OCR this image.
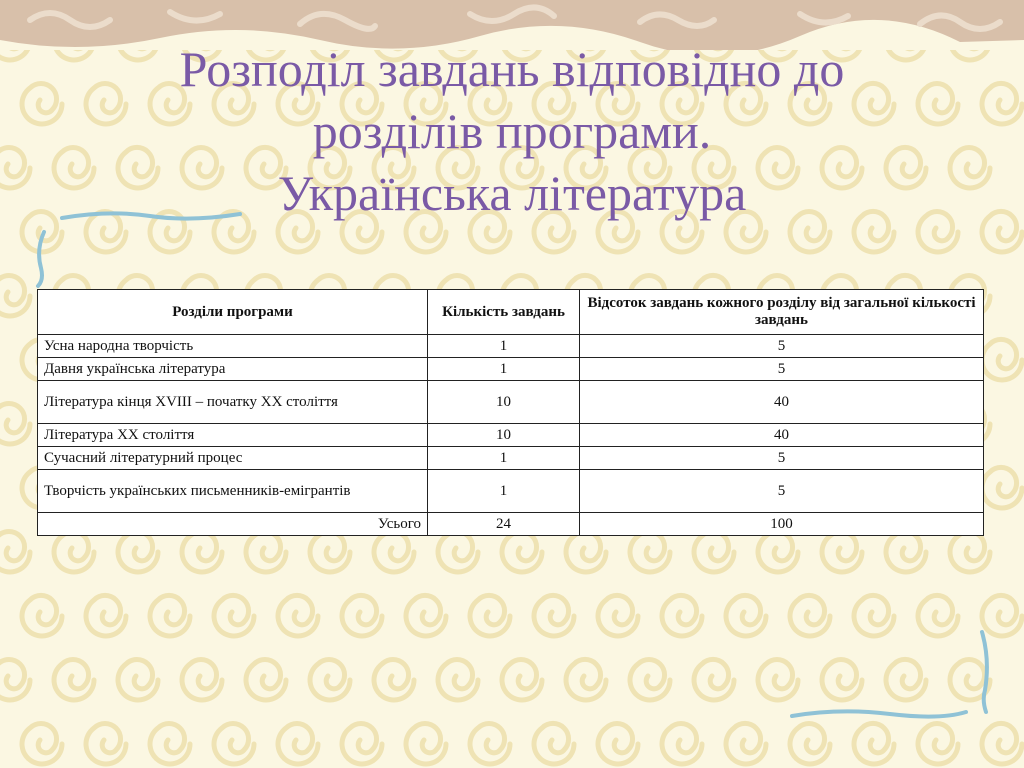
Розподіл завдань відповідно до
розділів програми.
Українська література
Розділи програми	Кількість завдань	Відсоток завдань кожного розділу від загальної кількості завдань
Усна народна творчість	1	5
Давня українська література	1	5
Література кінця XVIII – початку XX століття	10	40
Література XX століття	10	40
Сучасний літературний процес	1	5
Творчість українських письменників-емігрантів	1	5
Усього	24	100
